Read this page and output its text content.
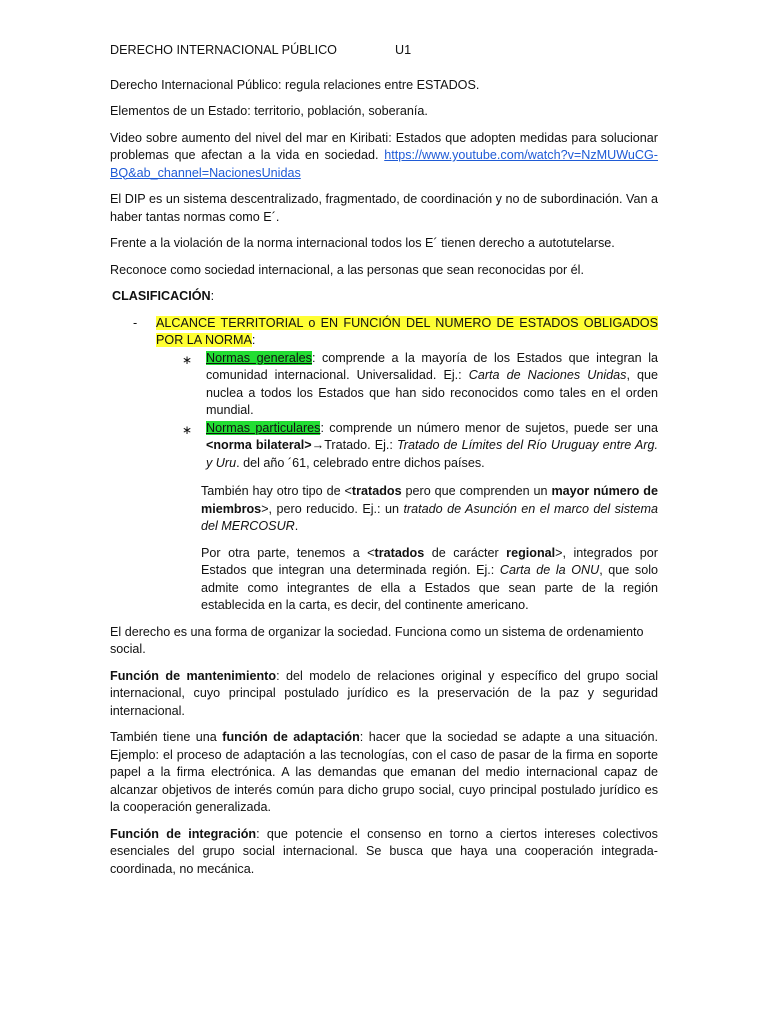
DERECHO INTERNACIONAL PÚBLICO	U1

Derecho Internacional Público: regula relaciones entre ESTADOS.

Elementos de un Estado: territorio, población, soberanía.

Video sobre aumento del nivel del mar en Kiribati: Estados que adopten medidas para solucionar problemas que afectan a la vida en sociedad. https://www.youtube.com/watch?v=NzMUWuCG-BQ&ab_channel=NacionesUnidas

El DIP es un sistema descentralizado, fragmentado, de coordinación y no de subordinación. Van a haber tantas normas como E´.

Frente a la violación de la norma internacional todos los E´ tienen derecho a autotutelarse.

Reconoce como sociedad internacional, a las personas que sean reconocidas por él.

CLASIFICACIÓN:

- ALCANCE TERRITORIAL o EN FUNCIÓN DEL NUMERO DE ESTADOS OBLIGADOS POR LA NORMA:
∗ Normas generales: comprende a la mayoría de los Estados que integran la comunidad internacional. Universalidad. Ej.: Carta de Naciones Unidas, que nuclea a todos los Estados que han sido reconocidos como tales en el orden mundial.
∗ Normas particulares: comprende un número menor de sujetos, puede ser una <norma bilateral>→Tratado. Ej.: Tratado de Límites del Río Uruguay entre Arg. y Uru. del año ´61, celebrado entre dichos países.

También hay otro tipo de <tratados pero que comprenden un mayor número de miembros>, pero reducido. Ej.: un tratado de Asunción en el marco del sistema del MERCOSUR.

Por otra parte, tenemos a <tratados de carácter regional>, integrados por Estados que integran una determinada región. Ej.: Carta de la ONU, que solo admite como integrantes de ella a Estados que sean parte de la región establecida en la carta, es decir, del continente americano.

El derecho es una forma de organizar la sociedad. Funciona como un sistema de ordenamiento social.

Función de mantenimiento: del modelo de relaciones original y específico del grupo social internacional, cuyo principal postulado jurídico es la preservación de la paz y seguridad internacional.

También tiene una función de adaptación: hacer que la sociedad se adapte a una situación. Ejemplo: el proceso de adaptación a las tecnologías, con el caso de pasar de la firma en soporte papel a la firma electrónica. A las demandas que emanan del medio internacional capaz de alcanzar objetivos de interés común para dicho grupo social, cuyo principal postulado jurídico es la cooperación generalizada.

Función de integración: que potencie el consenso en torno a ciertos intereses colectivos esenciales del grupo social internacional. Se busca que haya una cooperación integrada-coordinada, no mecánica.
